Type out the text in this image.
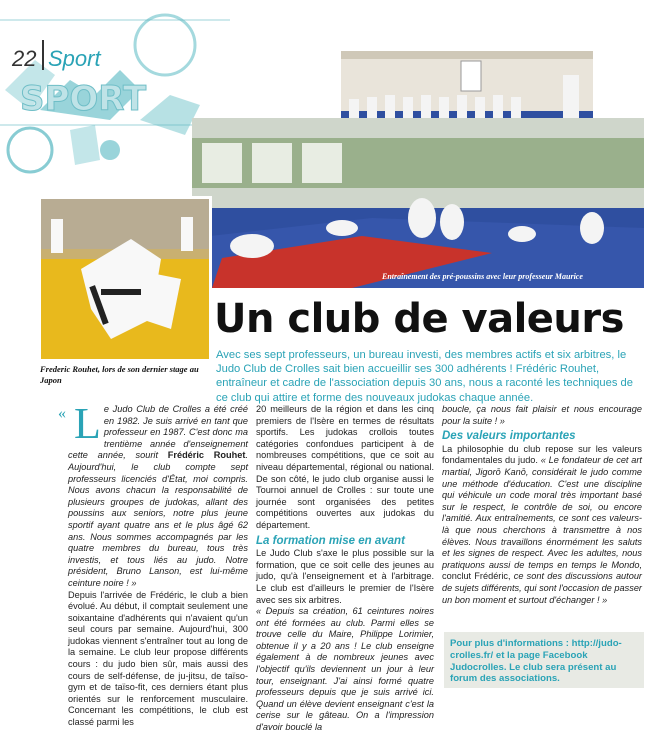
SPORT
22 Sport
Entraînement des pré-poussins avec leur professeur Maurice
Frederic Rouhet, lors de son dernier stage au Japon
Un club de valeurs
Avec ses sept professeurs, un bureau investi, des membres actifs et six arbitres, le Judo Club de Crolles sait bien accueillir ses 300 adhérents ! Frédéric Rouhet, entraîneur et cadre de l'association depuis 30 ans, nous a raconté les techniques de ce club qui attire et forme des nouveaux judokas chaque année.
« Le Judo Club de Crolles a été créé en 1982. Je suis arrivé en tant que professeur en 1987. C'est donc ma trentième année d'enseignement cette année, sourit Frédéric Rouhet. Aujourd'hui, le club compte sept professeurs licenciés d'État, moi compris. Nous avons chacun la responsabilité de plusieurs groupes de judokas, allant des poussins aux seniors, notre plus jeune sportif ayant quatre ans et le plus âgé 62 ans. Nous sommes accompagnés par les quatre membres du bureau, tous très investis, et tous liés au judo. Notre président, Bruno Lanson, est lui-même ceinture noire ! »

Depuis l'arrivée de Frédéric, le club a bien évolué. Au début, il comptait seulement une soixantaine d'adhérents qui n'avaient qu'un seul cours par semaine. Aujourd'hui, 300 judokas viennent s'entraîner tout au long de la semaine. Le club leur propose différents cours : du judo bien sûr, mais aussi des cours de self-défense, de ju-jitsu, de taïso-gym et de taïso-fit, ces derniers étant plus orientés sur le renforcement musculaire. Concernant les compétitions, le club est classé parmi les

20 meilleurs de la région et dans les cinq premiers de l'Isère en termes de résultats sportifs. Les judokas crollois toutes catégories confondues participent à de nombreuses compétitions, que ce soit au niveau départemental, régional ou national. De son côté, le judo club organise aussi le Tournoi annuel de Crolles : sur toute une journée sont organisées des petites compétitions ouvertes aux judokas du département.

La formation mise en avant

Le Judo Club s'axe le plus possible sur la formation, que ce soit celle des jeunes au judo, qu'à l'enseignement et à l'arbitrage. Le club est d'ailleurs le premier de l'Isère avec ses six arbitres.

« Depuis sa création, 61 ceintures noires ont été formées au club. Parmi elles se trouve celle du Maire, Philippe Lorimier, obtenue il y a 20 ans ! Le club enseigne également à de nombreux jeunes avec l'objectif qu'ils deviennent un jour à leur tour, enseignant. J'ai ainsi formé quatre professeurs depuis que je suis arrivé ici. Quand un élève devient enseignant c'est la cerise sur le gâteau. On a l'impression d'avoir bouclé la

boucle, ça nous fait plaisir et nous encourage pour la suite ! »

Des valeurs importantes

La philosophie du club repose sur les valeurs fondamentales du judo. « Le fondateur de cet art martial, Jigorō Kanō, considérait le judo comme une méthode d'éducation. C'est une discipline qui véhicule un code moral très important basé sur le respect, le contrôle de soi, ou encore l'amitié. Aux entraînements, ce sont ces valeurs-là que nous cherchons à transmettre à nos élèves. Nous travaillons énormément les saluts et les signes de respect. Avec les adultes, nous pratiquons aussi de temps en temps le Mondo, conclut Frédéric, ce sont des discussions autour de sujets différents, qui sont l'occasion de passer un bon moment et surtout d'échanger ! »

Pour plus d'informations : http://judo-crolles.fr/ et la page Facebook Judocrolles. Le club sera présent au forum des associations.
